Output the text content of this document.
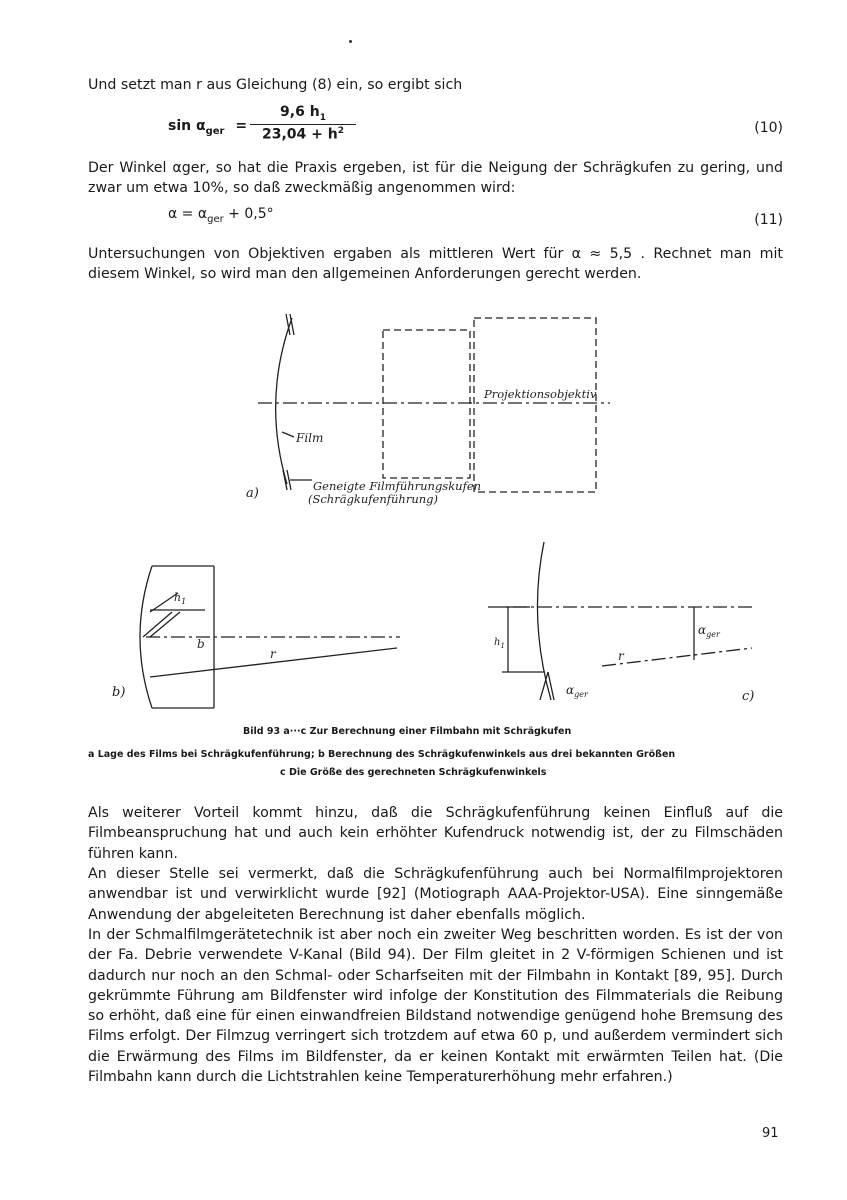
Und setzt man r aus Gleichung (8) ein, so ergibt sich
$\sin \alpha_{ger} = \frac{9,6 h_1}{23,04 + h^2}$	(10)
Der Winkel αger, so hat die Praxis ergeben, ist für die Neigung der Schrägkufen zu gering, und zwar um etwa 10%, so daß zweckmäßig angenommen wird:
$\alpha = \alpha_{ger} + 0,5^\circ$	(11)
Untersuchungen von Objektiven ergaben als mittleren Wert für α ≈ 5,5 . Rechnet man mit diesem Winkel, so wird man den allgemeinen Anforderungen gerecht werden.
Projektionsobjektiv
Film
Geneigte Filmführungskufen
(Schrägkufenführung)
a)
$h_1$
b
r
b)
$h_1$
r
$\alpha_{ger}$
$\alpha_{ger}$	c)
Bild 93 a···c Zur Berechnung einer Filmbahn mit Schrägkufen
a Lage des Films bei Schrägkufenführung; b Berechnung des Schrägkufenwinkels aus drei bekannten Größen
c Die Größe des gerechneten Schrägkufenwinkels
Als weiterer Vorteil kommt hinzu, daß die Schrägkufenführung keinen Einfluß auf die Filmbeanspruchung hat und auch kein erhöhter Kufendruck notwendig ist, der zu Filmschäden führen kann.
An dieser Stelle sei vermerkt, daß die Schrägkufenführung auch bei Normalfilmprojektoren anwendbar ist und verwirklicht wurde [92] (Motiograph AAA-Projektor-USA). Eine sinngemäße Anwendung der abgeleiteten Berechnung ist daher ebenfalls möglich.
In der Schmalfilmgerätetechnik ist aber noch ein zweiter Weg beschritten worden. Es ist der von der Fa. Debrie verwendete V-Kanal (Bild 94). Der Film gleitet in 2 V-förmigen Schienen und ist dadurch nur noch an den Schmal- oder Scharfseiten mit der Filmbahn in Kontakt [89, 95]. Durch gekrümmte Führung am Bildfenster wird infolge der Konstitution des Filmmaterials die Reibung so erhöht, daß eine für einen einwandfreien Bildstand notwendige genügend hohe Bremsung des Films erfolgt. Der Filmzug verringert sich trotzdem auf etwa 60 p, und außerdem vermindert sich die Erwärmung des Films im Bildfenster, da er keinen Kontakt mit erwärmten Teilen hat. (Die Filmbahn kann durch die Lichtstrahlen keine Temperaturerhöhung mehr erfahren.)
91
